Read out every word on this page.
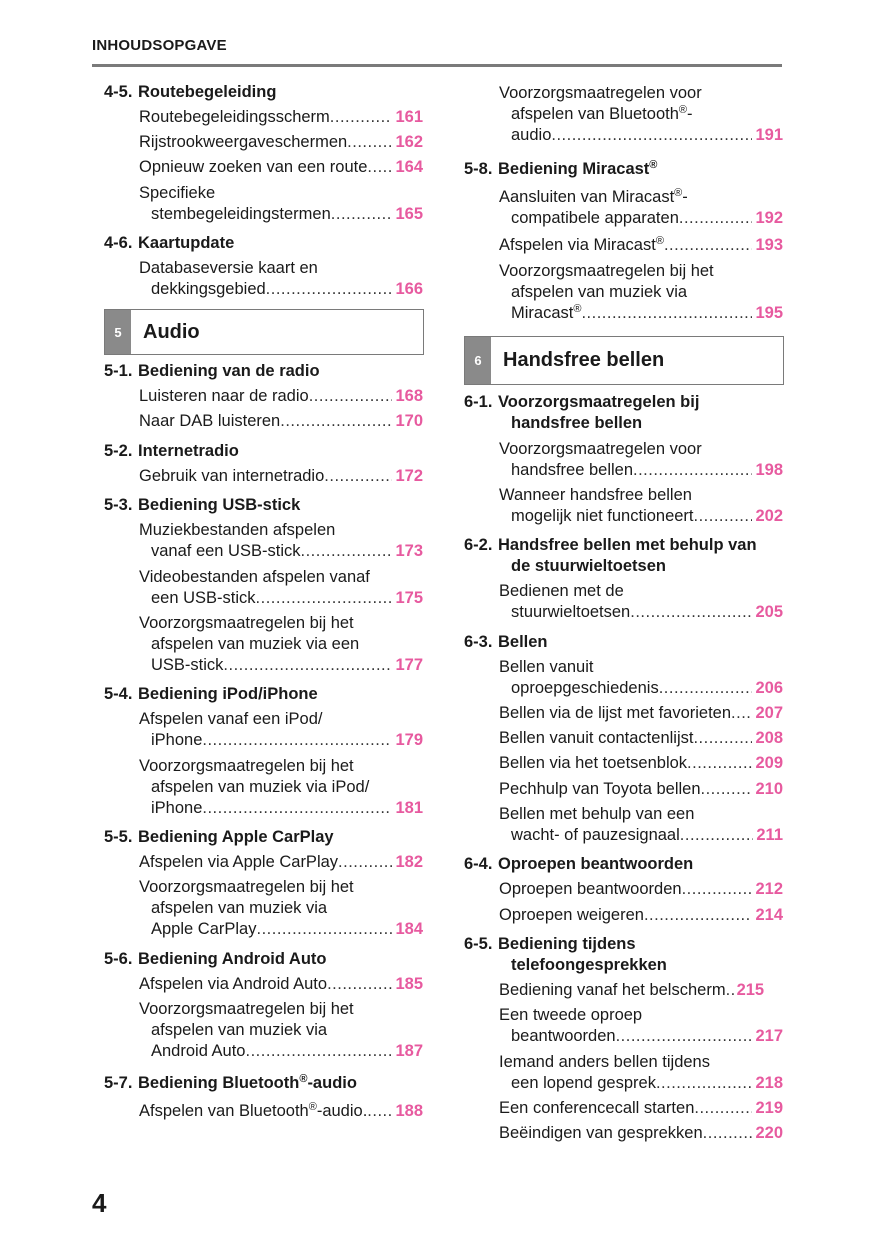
INHOUDSOPGAVE
4-5. Routebegeleiding
Routebegeleidingsscherm .....	161
Rijstrookweergaveschermen .....	162
Opnieuw zoeken van een route ..... 164
Specifieke
stembegeleidingstermen .....	165
4-6. Kaartupdate
Databaseversie kaart en
dekkingsgebied .....	166
5	Audio
5-1. Bediening van de radio
Luisteren naar de radio .....	168
Naar DAB luisteren .....	170
5-2. Internetradio
Gebruik van internetradio .....	172
5-3. Bediening USB-stick
Muziekbestanden afspelen
vanaf een USB-stick .....	173
Videobestanden afspelen vanaf
een USB-stick .....	175
Voorzorgsmaatregelen bij het
afspelen van muziek via een
USB-stick .....	177
5-4. Bediening iPod/iPhone
Afspelen vanaf een iPod/
iPhone .....	179
Voorzorgsmaatregelen bij het
afspelen van muziek via iPod/
iPhone .....	181
5-5. Bediening Apple CarPlay
Afspelen via Apple CarPlay .....	182
Voorzorgsmaatregelen bij het
afspelen van muziek via
Apple CarPlay .....	184
5-6. Bediening Android Auto
Afspelen via Android Auto .....	185
Voorzorgsmaatregelen bij het
afspelen van muziek via
Android Auto .....	187
5-7. Bediening Bluetooth®-audio
Afspelen van Bluetooth®-audio. ..... 188
Voorzorgsmaatregelen voor
afspelen van Bluetooth®-
audio .....	191
5-8. Bediening Miracast®
Aansluiten van Miracast®-
compatibele apparaten .....	192
Afspelen via Miracast® .....	193
Voorzorgsmaatregelen bij het
afspelen van muziek via
Miracast® .....	195
6	Handsfree bellen
6-1. Voorzorgsmaatregelen bij
handsfree bellen
Voorzorgsmaatregelen voor
handsfree bellen .....	198
Wanneer handsfree bellen
mogelijk niet functioneert .....	202
6-2. Handsfree bellen met behulp van
de stuurwieltoetsen
Bedienen met de
stuurwieltoetsen .....	205
6-3. Bellen
Bellen vanuit
oproepgeschiedenis .....	206
Bellen via de lijst met favorieten ..... 207
Bellen vanuit contactenlijst .....	208
Bellen via het toetsenblok .....	209
Pechhulp van Toyota bellen .....	210
Bellen met behulp van een
wacht- of pauzesignaal .....	211
6-4. Oproepen beantwoorden
Oproepen beantwoorden .....	212
Oproepen weigeren .....	214
6-5. Bediening tijdens
telefoongesprekken
Bediening vanaf het belscherm ..... 215
Een tweede oproep
beantwoorden .....	217
Iemand anders bellen tijdens
een lopend gesprek .....	218
Een conferencecall starten .....	219
Beëindigen van gesprekken .....	220
4
